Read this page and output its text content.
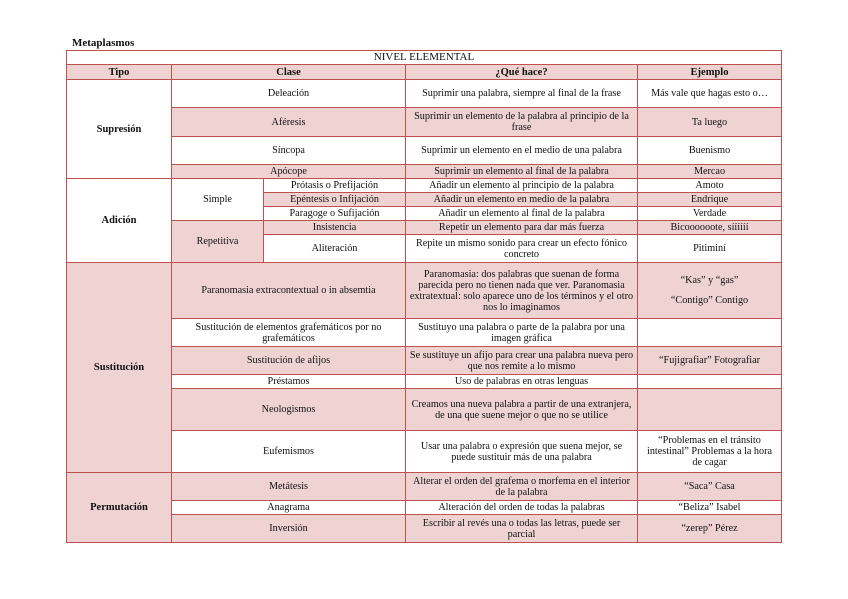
Metaplasmos
NIVEL ELEMENTAL				
Tipo	Clase		¿Qué hace?	Ejemplo
Supresión	Deleación		Suprimir una palabra, siempre al final de la frase	Más vale que hagas esto o…
	Aféresis		Suprimir un elemento de la palabra al principio de la frase	Ta luego
	Síncopa		Suprimir un elemento en el medio de una palabra	Buenismo
	Apócope		Suprimir un elemento al final de la palabra	Mercao
Adición	Simple	Prótasis o Prefijación	Añadir un elemento al principio de la palabra	Amoto
		Epéntesis o Infijación	Añadir un elemento en medio de la palabra	Endrique
		Paragoge o Sufijación	Añadir un elemento al final de la palabra	Verdade
	Repetitiva	Insistencia	Repetir un elemento para dar más fuerza	Bicoooooote, síííííí
		Aliteración	Repite un mismo sonido para crear un efecto fónico concreto	Pitiminí
Sustitución	Paranomasia extracontextual o in absemtia		Paranomasia: dos palabras que suenan de forma parecida pero no tienen nada que ver. Paranomasia extratextual: solo aparece uno de los términos y el otro nos lo imaginamos	“Kas” y “gas”
“Contigo” Contigo
	Sustitución de elementos grafemáticos por no grafemáticos		Sustituyo una palabra o parte de la palabra por una imagen gráfica	
	Sustitución de afijos		Se sustituye un afijo para crear una palabra nueva pero que nos remite a lo mismo	“Fujigrafiar” Fotografiar
	Préstamos		Uso de palabras en otras lenguas	
	Neologismos		Creamos una nueva palabra a partir de una extranjera, de una que suene mejor o que no se utilice	
	Eufemismos		Usar una palabra o expresión que suena mejor, se puede sustituir más de una palabra	“Problemas en el tránsito intestinal” Problemas a la hora de cagar
Permutación	Metátesis		Alterar el orden del grafema o morfema en el interior de la palabra	“Saca” Casa
	Anagrama		Alteración del orden de todas la palabras	“Beliza” Isabel
	Inversión		Escribir al revés una o todas las letras, puede ser parcial	“zerep” Pérez
